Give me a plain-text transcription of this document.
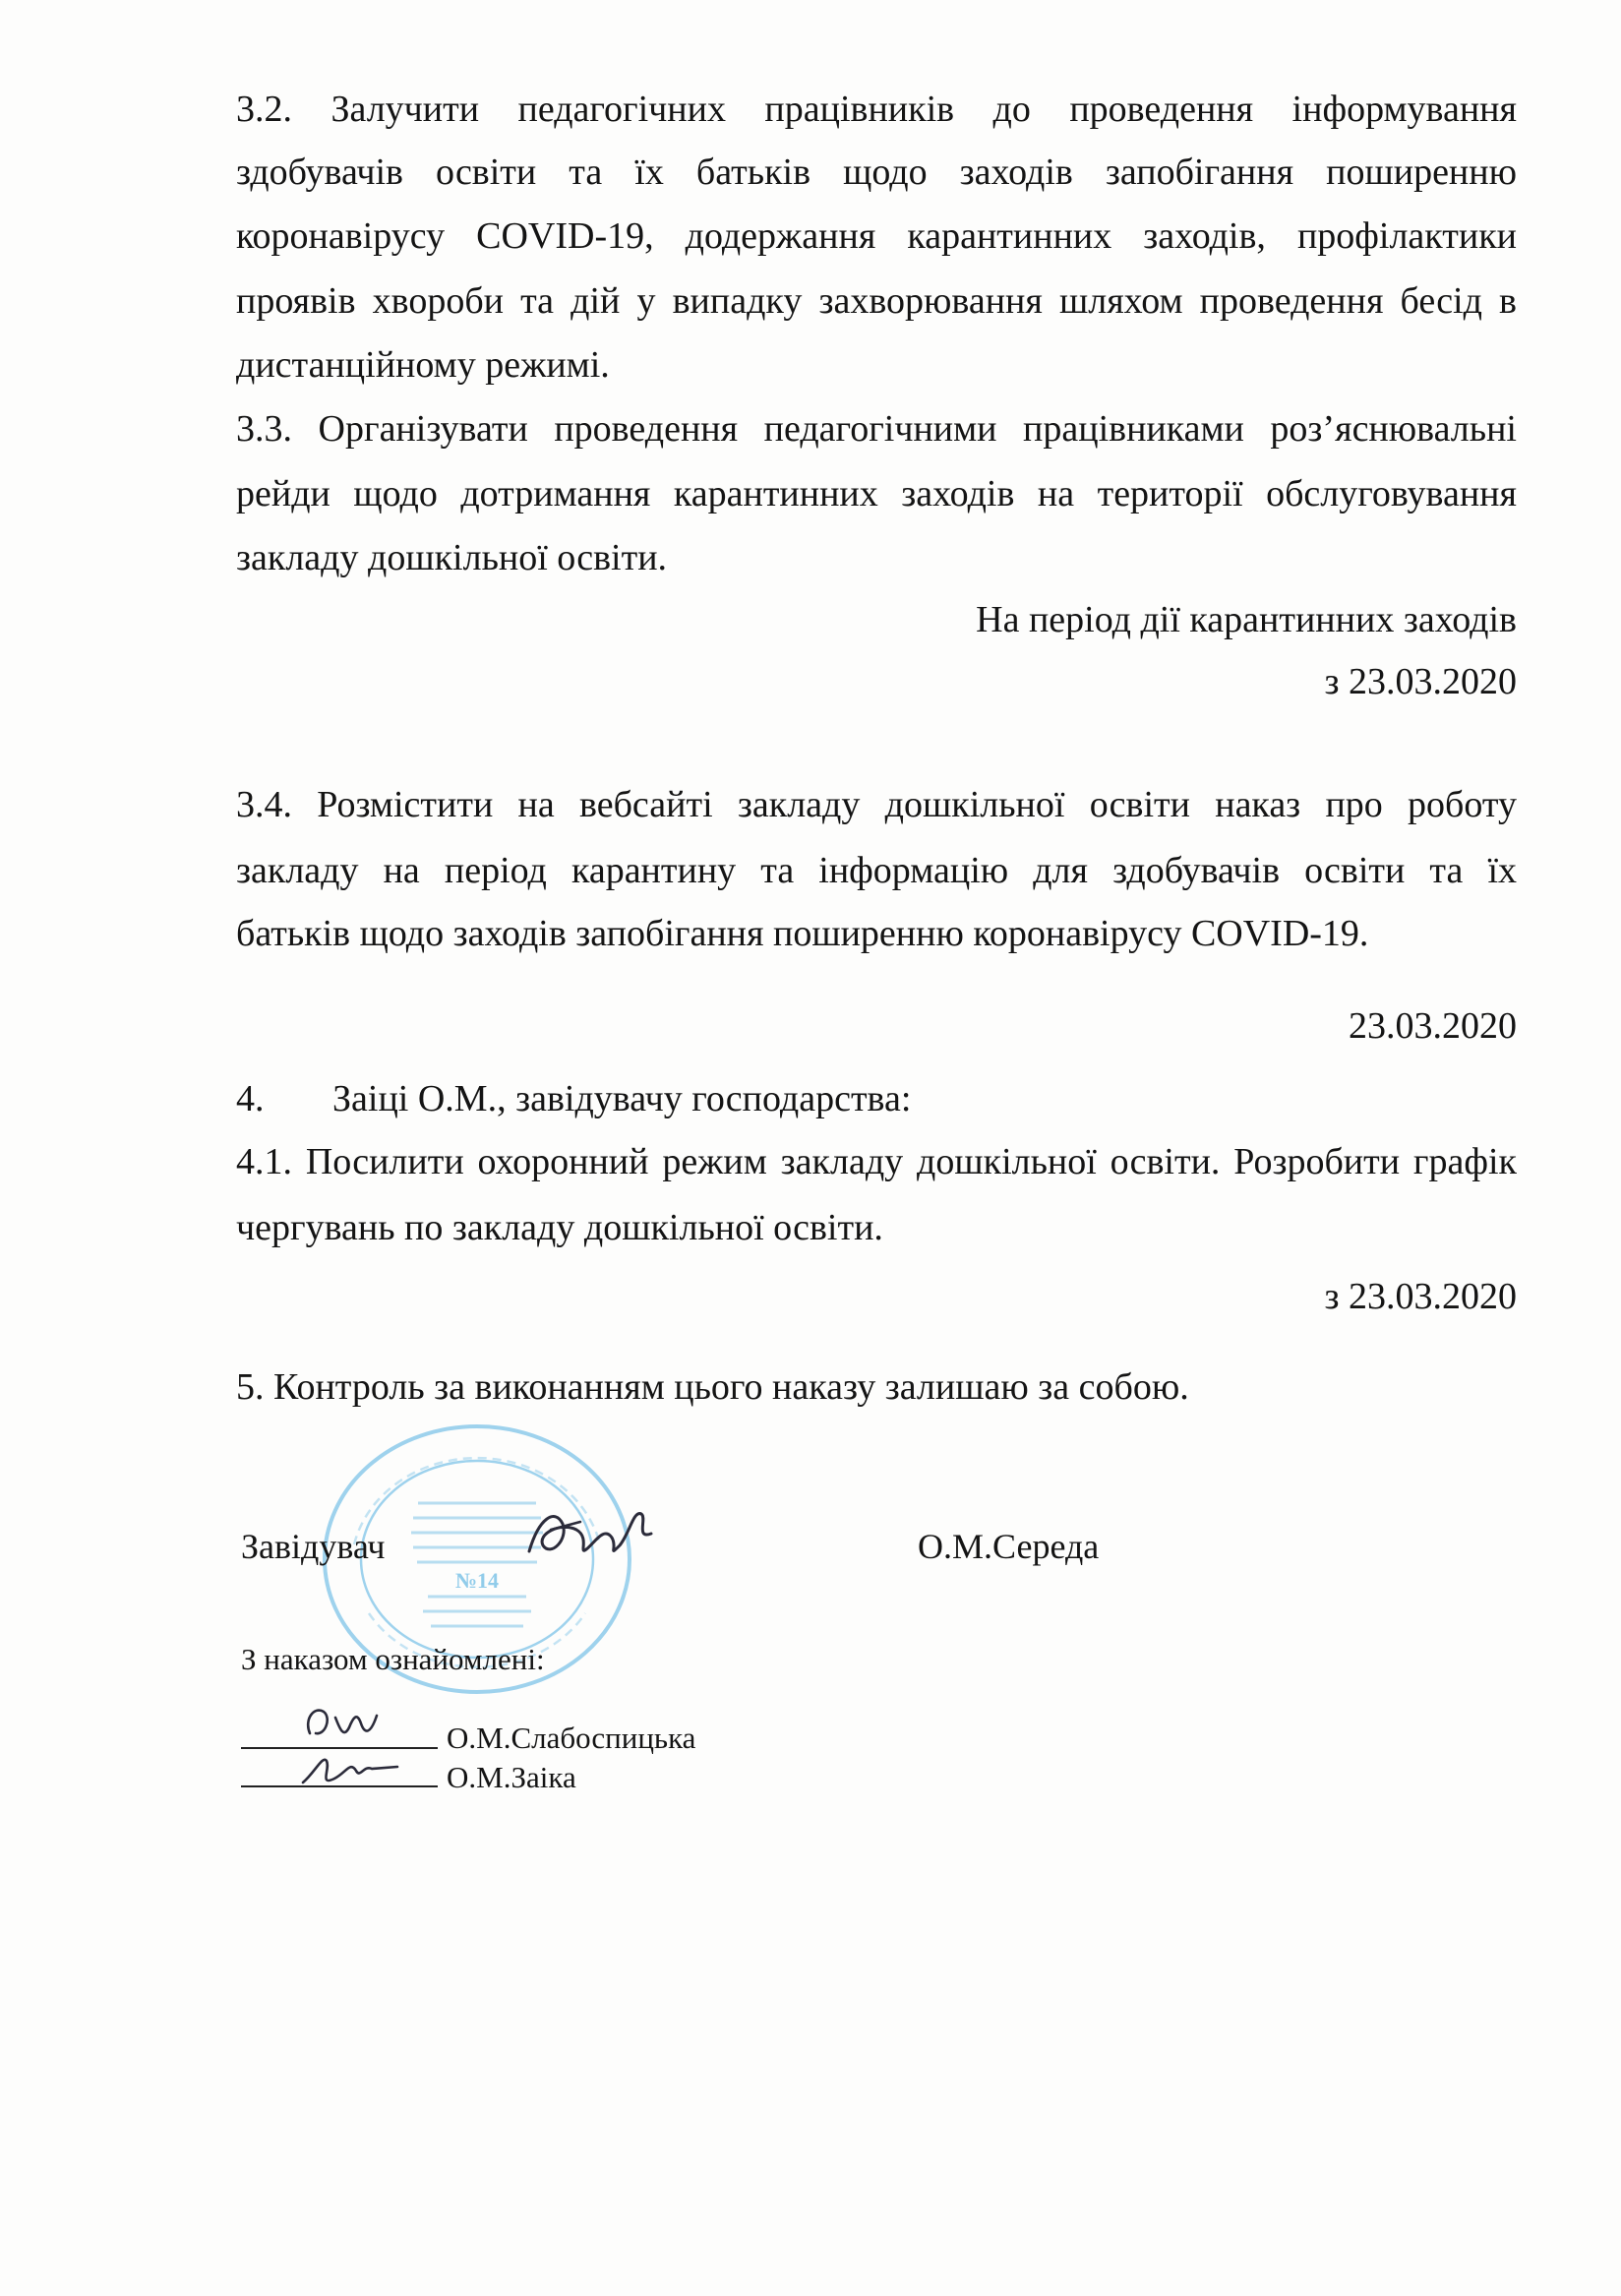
3.2. Залучити педагогічних працівників до проведення інформування
здобувачів освіти та їх батьків щодо заходів запобігання поширенню
коронавірусу COVID-19, додержання карантинних заходів, профілактики
проявів хвороби та дій у випадку захворювання шляхом проведення бесід в
дистанційному режимі.
3.3. Організувати проведення педагогічними працівниками роз’яснювальні
рейди щодо дотримання карантинних заходів на території обслуговування
закладу дошкільної освіти.
На період дії карантинних заходів
з 23.03.2020
3.4. Розмістити на вебсайті закладу дошкільної освіти наказ про роботу
закладу на період карантину та інформацію для здобувачів освіти та їх
батьків щодо заходів запобігання поширенню коронавірусу COVID-19.
23.03.2020
4. Заіці О.М., завідувачу господарства:
4.1. Посилити охоронний режим закладу дошкільної освіти. Розробити графік
чергувань по закладу дошкільної освіти.
з 23.03.2020
5. Контроль за виконанням цього наказу залишаю за собою.
№14
Завідувач	О.М.Середа
З наказом ознайомлені:
О.М.Слабоспицька
О.М.Заіка
